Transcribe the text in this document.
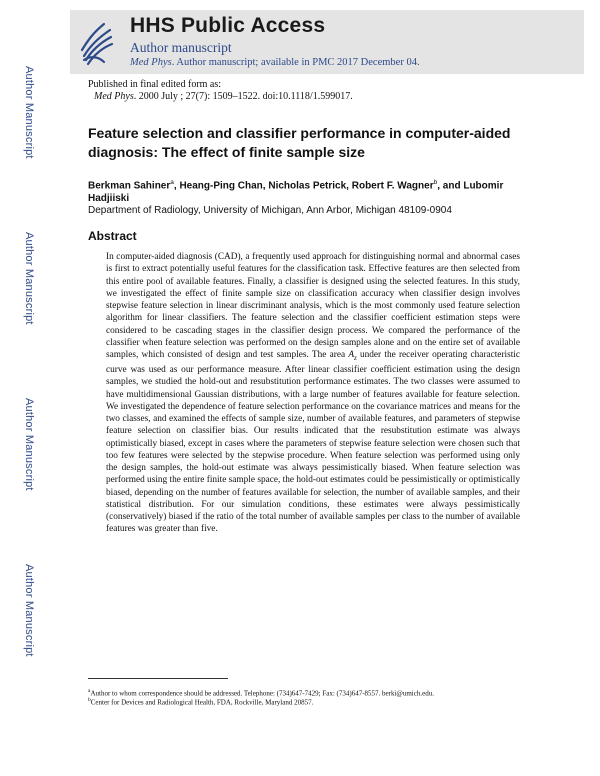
HHS Public Access

Author manuscript

Med Phys. Author manuscript; available in PMC 2017 December 04.

Author Manuscript
Author Manuscript
Author Manuscript
Author Manuscript
Published in final edited form as:
Med Phys. 2000 July ; 27(7): 1509–1522. doi:10.1118/1.599017.
Feature selection and classifier performance in computer-aided diagnosis: The effect of finite sample size
Berkman Sahiner$^a$, Heang-Ping Chan, Nicholas Petrick, Robert F. Wagner$^b$, and Lubomir Hadjiiski
Department of Radiology, University of Michigan, Ann Arbor, Michigan 48109-0904
Abstract

In computer-aided diagnosis (CAD), a frequently used approach for distinguishing normal and abnormal cases is first to extract potentially useful features for the classification task. Effective features are then selected from this entire pool of available features. Finally, a classifier is designed using the selected features. In this study, we investigated the effect of finite sample size on classification accuracy when classifier design involves stepwise feature selection in linear discriminant analysis, which is the most commonly used feature selection algorithm for linear classifiers. The feature selection and the classifier coefficient estimation steps were considered to be cascading stages in the classifier design process. We compared the performance of the classifier when feature selection was performed on the design samples alone and on the entire set of available samples, which consisted of design and test samples. The area $A_z$ under the receiver operating characteristic curve was used as our performance measure. After linear classifier coefficient estimation using the design samples, we studied the hold-out and resubstitution performance estimates. The two classes were assumed to have multidimensional Gaussian distributions, with a large number of features available for feature selection. We investigated the dependence of feature selection performance on the covariance matrices and means for the two classes, and examined the effects of sample size, number of available features, and parameters of stepwise feature selection on classifier bias. Our results indicated that the resubstitution estimate was always optimistically biased, except in cases where the parameters of stepwise feature selection were chosen such that too few features were selected by the stepwise procedure. When feature selection was performed using only the design samples, the hold-out estimate was always pessimistically biased. When feature selection was performed using the entire finite sample space, the hold-out estimates could be pessimistically or optimistically biased, depending on the number of features available for selection, the number of available samples, and their statistical distribution. For our simulation conditions, these estimates were always pessimistically (conservatively) biased if the ratio of the total number of available samples per class to the number of available features was greater than five.

$^a$Author to whom correspondence should be addressed. Telephone: (734)647-7429; Fax: (734)647-8557. berki@umich.edu.
$^b$Center for Devices and Radiological Health, FDA, Rockville, Maryland 20857.
